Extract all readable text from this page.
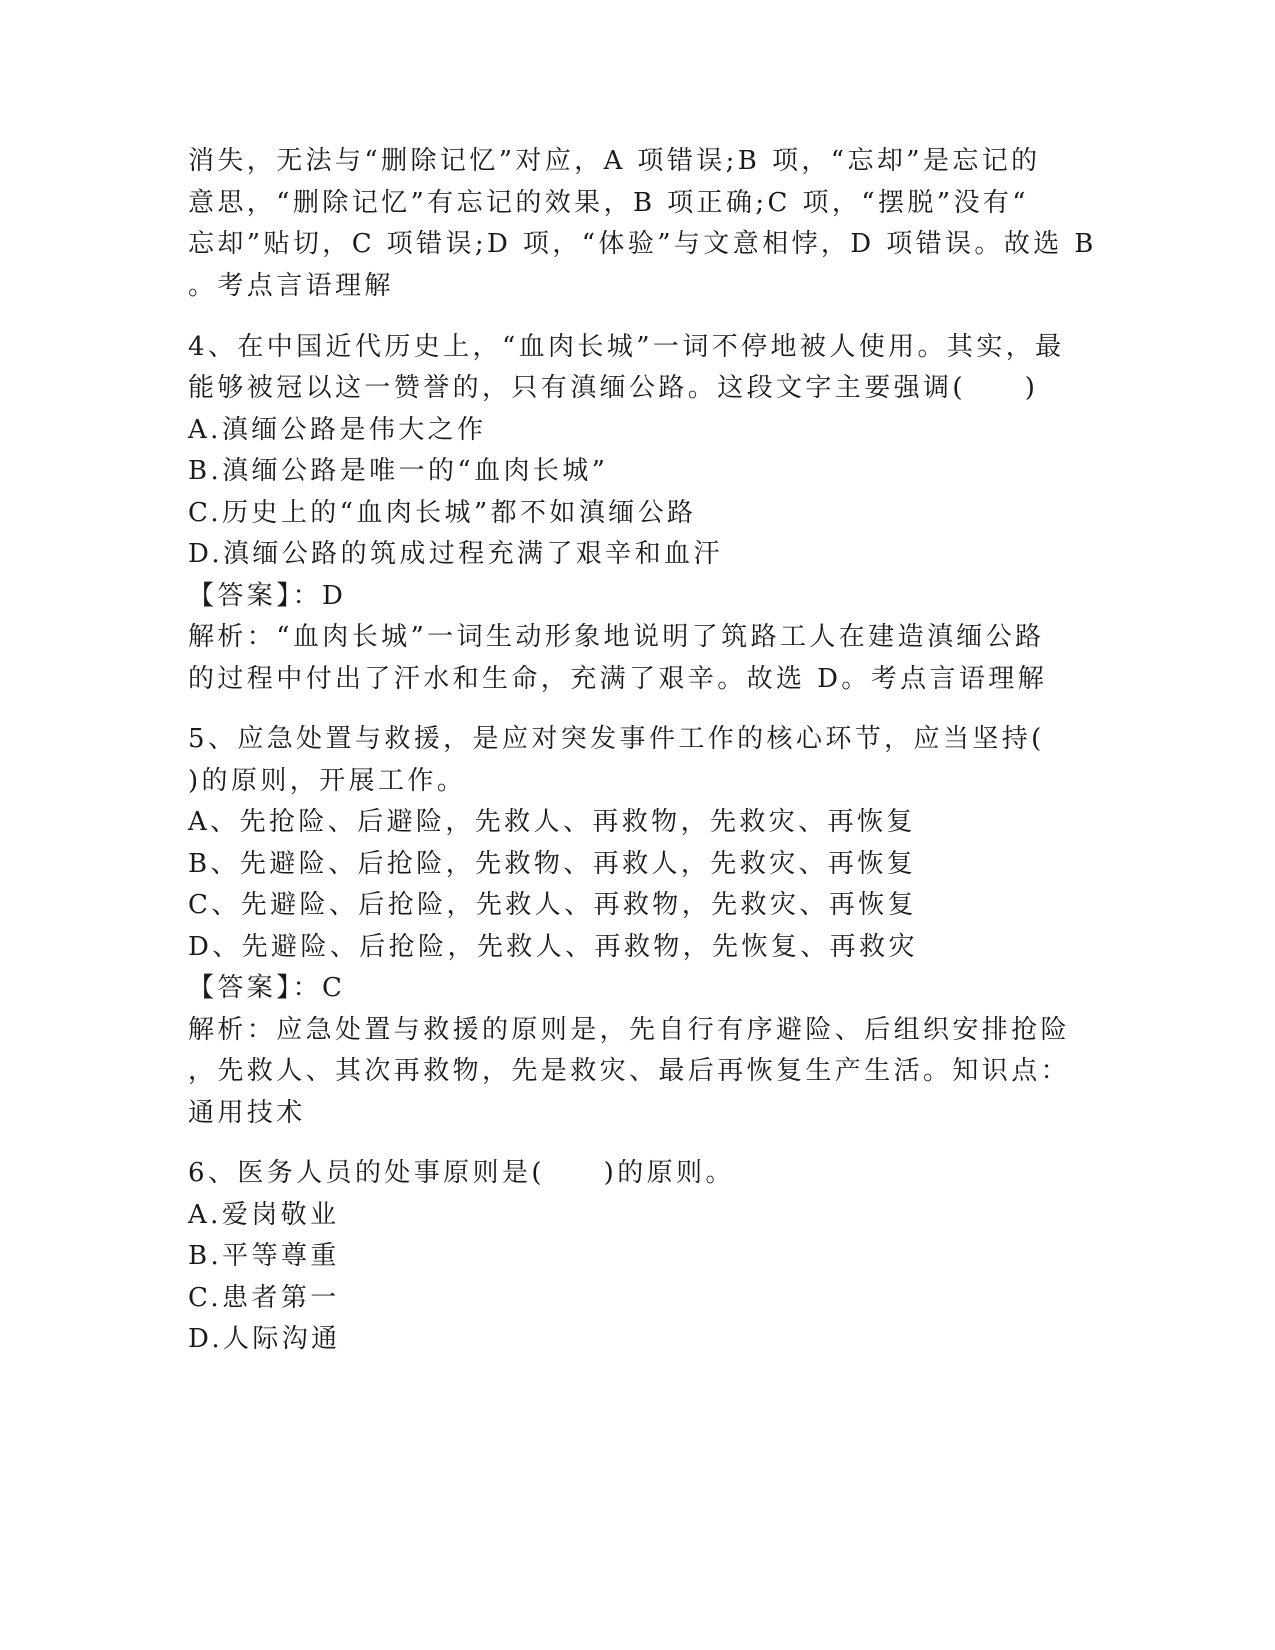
消失，无法与“删除记忆”对应，A 项错误;B 项，“忘却”是忘记的
意思，“删除记忆”有忘记的效果，B 项正确;C 项，“摆脱”没有“
忘却”贴切，C 项错误;D 项，“体验”与文意相悖，D 项错误。故选 B
。考点言语理解
4、在中国近代历史上，“血肉长城”一词不停地被人使用。其实，最
能够被冠以这一赞誉的，只有滇缅公路。这段文字主要强调(　　)
A.滇缅公路是伟大之作
B.滇缅公路是唯一的“血肉长城”
C.历史上的“血肉长城”都不如滇缅公路
D.滇缅公路的筑成过程充满了艰辛和血汗
【答案】：D
解析：“血肉长城”一词生动形象地说明了筑路工人在建造滇缅公路
的过程中付出了汗水和生命，充满了艰辛。故选 D。考点言语理解
5、应急处置与救援，是应对突发事件工作的核心环节，应当坚持(
)的原则，开展工作。
A、先抢险、后避险，先救人、再救物，先救灾、再恢复
B、先避险、后抢险，先救物、再救人，先救灾、再恢复
C、先避险、后抢险，先救人、再救物，先救灾、再恢复
D、先避险、后抢险，先救人、再救物，先恢复、再救灾
【答案】：C
解析：应急处置与救援的原则是，先自行有序避险、后组织安排抢险
，先救人、其次再救物，先是救灾、最后再恢复生产生活。知识点：
通用技术
6、医务人员的处事原则是(　　)的原则。
A.爱岗敬业
B.平等尊重
C.患者第一
D.人际沟通
